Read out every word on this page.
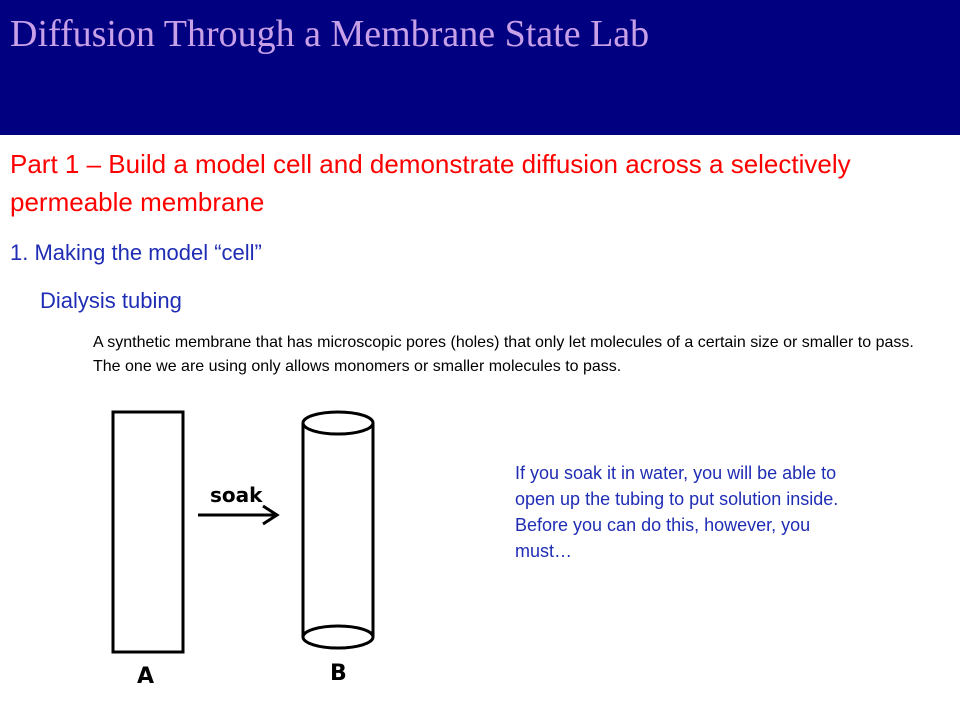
Diffusion Through a Membrane State Lab

Part 1 – Build a model cell and demonstrate diffusion across a selectively permeable membrane

1. Making the model “cell”
Dialysis tubing

A synthetic membrane that has microscopic pores (holes) that only let molecules of a certain size or smaller to pass. The one we are using only allows monomers or smaller molecules to pass.

soak
A	B

If you soak it in water, you will be able to open up the tubing to put solution inside. Before you can do this, however, you must…
